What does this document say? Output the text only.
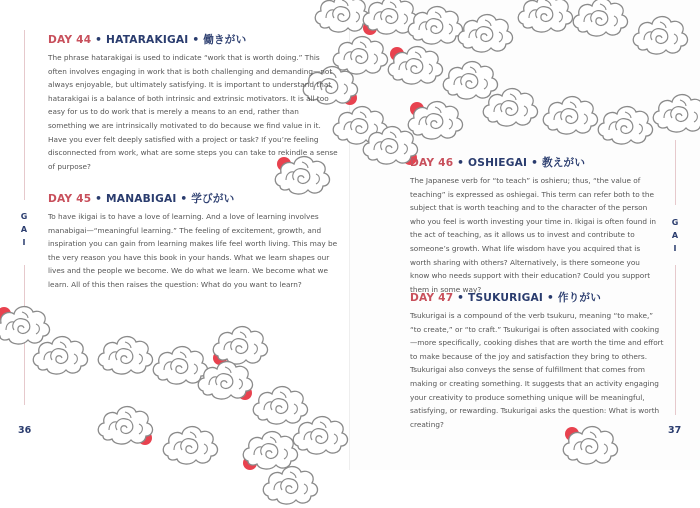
DAY 44 • HATARAKIGAI • 働きがい

The phrase hatarakigai is used to indicate “work that is worth doing.” This often involves engaging in work that is both challenging and demanding—not always enjoyable, but ultimately satisfying. It is important to understand that hatarakigai is a balance of both intrinsic and extrinsic motivators. It is all too easy for us to do work that is merely a means to an end, rather than something we are intrinsically motivated to do because we find value in it. Have you ever felt deeply satisfied with a project or task? If you’re feeling disconnected from work, what are some steps you can take to rekindle a sense of purpose?

DAY 45 • MANABIGAI • 学びがい

To have ikigai is to have a love of learning. And a love of learning involves manabigai—“meaningful learning.” The feeling of excitement, growth, and inspiration you can gain from learning makes life feel worth living. This may be the very reason you have this book in your hands. What we learn shapes our lives and the people we become. We do what we learn. We become what we learn. All of this then raises the question: What do you want to learn?

G
A
I
36

DAY 46 • OSHIEGAI • 教えがい

The Japanese verb for “to teach” is oshieru; thus, “the value of teaching” is expressed as oshiegai. This term can refer both to the subject that is worth teaching and to the character of the person who you feel is worth investing your time in. Ikigai is often found in the act of teaching, as it allows us to invest and contribute to someone’s growth. What life wisdom have you acquired that is worth sharing with others? Alternatively, is there someone you know who needs support with their education? Could you support them in some way?

DAY 47 • TSUKURIGAI • 作りがい

Tsukurigai is a compound of the verb tsukuru, meaning “to make,” “to create,” or “to craft.” Tsukurigai is often associated with cooking—more specifically, cooking dishes that are worth the time and effort to make because of the joy and satisfaction they bring to others. Tsukurigai also conveys the sense of fulfillment that comes from making or creating something. It suggests that an activity engaging your creativity to produce something unique will be meaningful, satisfying, or rewarding. Tsukurigai asks the question: What is worth creating?

G
A
I
37
